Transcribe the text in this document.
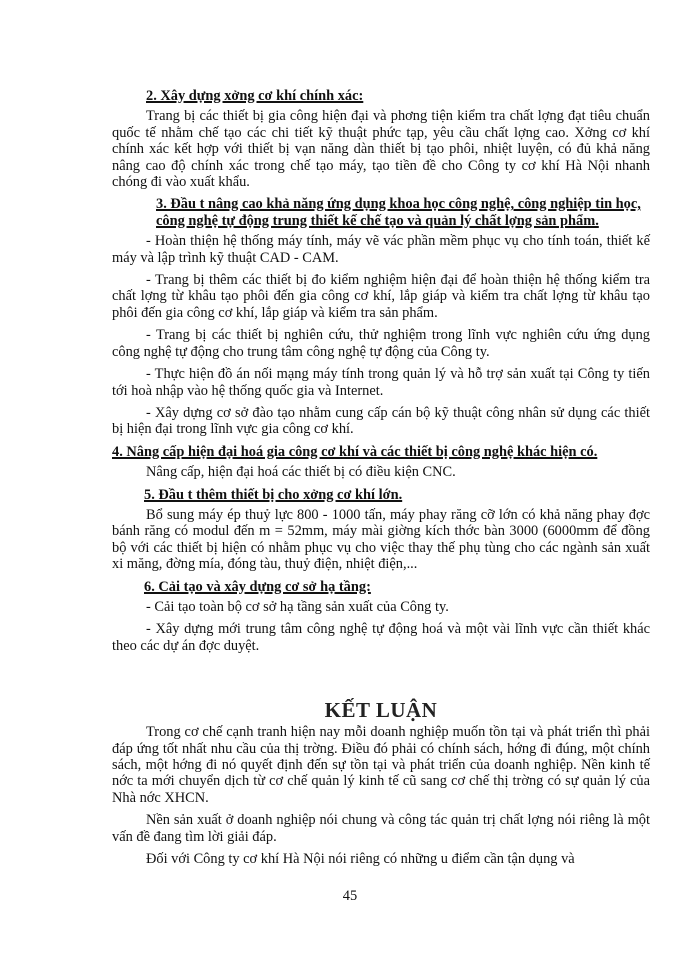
2. Xây dựng xởng cơ khí chính xác:

Trang bị các thiết bị gia công hiện đại và phơng tiện kiểm tra chất lợng đạt tiêu chuẩn quốc tế nhằm chế tạo các chi tiết kỹ thuật phức tạp, yêu cầu chất lợng cao. Xởng cơ khí chính xác kết hợp với thiết bị vạn năng dàn thiết bị tạo phôi, nhiệt luyện, có đủ khả năng nâng cao độ chính xác trong chế tạo máy, tạo tiền đề cho Công ty cơ khí Hà Nội nhanh chóng đi vào xuất khẩu.

3. Đầu t nâng cao khả năng ứng dụng khoa học công nghệ, công nghiệp tin học, công nghệ tự động trung thiết kế chế tạo và quản lý chất lợng sản phẩm.

- Hoàn thiện hệ thống máy tính, máy vẽ vác phần mềm phục vụ cho tính toán, thiết kế máy và lập trình kỹ thuật CAD - CAM.

- Trang bị thêm các thiết bị đo kiểm nghiệm hiện đại để hoàn thiện hệ thống kiểm tra chất lợng từ khâu tạo phôi đến gia công cơ khí, lắp giáp và kiểm tra chất lợng từ khâu tạo phôi đến gia công cơ khí, lắp giáp và kiểm tra sản phẩm.

- Trang bị các thiết bị nghiên cứu, thử nghiệm trong lĩnh vực nghiên cứu ứng dụng công nghệ tự động cho trung tâm công nghệ tự động của Công ty.

- Thực hiện đồ án nối mạng máy tính trong quản lý và hỗ trợ sản xuất tại Công ty tiến tới hoà nhập vào hệ thống quốc gia và Internet.

- Xây dựng cơ sở đào tạo nhằm cung cấp cán bộ kỹ thuật công nhân sử dụng các thiết bị hiện đại trong lĩnh vực gia công cơ khí.

4. Nâng cấp hiện đại hoá gia công cơ khí và các thiết bị công nghệ khác hiện có.

Nâng cấp, hiện đại hoá các thiết bị có điều kiện CNC.

5. Đầu t thêm thiết bị cho xởng cơ khí lớn.

Bổ sung máy ép thuỷ lực 800 - 1000 tấn, máy phay răng cỡ lớn có khả năng phay đợc bánh răng có modul đến m = 52mm, máy mài giờng kích thớc bàn 3000 (6000mm để đồng bộ với các thiết bị hiện có nhằm phục vụ cho việc thay thế phụ tùng cho các ngành sản xuất xi măng, đờng mía, đóng tàu, thuỷ điện, nhiệt điện,...

6. Cải tạo và xây dựng cơ sở hạ tầng:

- Cải tạo toàn bộ cơ sở hạ tầng sản xuất của Công ty.

- Xây dựng mới trung tâm công nghệ tự động hoá và một vài lĩnh vực cần thiết khác theo các dự án đợc duyệt.

KẾT LUẬN

Trong cơ chế cạnh tranh hiện nay mỗi doanh nghiệp muốn tồn tại và phát triển thì phải đáp ứng tốt nhất nhu cầu của thị trờng. Điều đó phải có chính sách, hớng đi đúng, một chính sách, một hớng đi nó quyết định đến sự tồn tại và phát triển của doanh nghiệp. Nền kinh tế nớc ta mới chuyển dịch từ cơ chế quản lý kinh tế cũ sang cơ chế thị trờng có sự quản lý của Nhà nớc XHCN.

Nền sản xuất ở doanh nghiệp nói chung và công tác quản trị chất lợng nói riêng là một vấn đề đang tìm lời giải đáp.

Đối với Công ty cơ khí Hà Nội nói riêng có những u điểm cần tận dụng và

45
